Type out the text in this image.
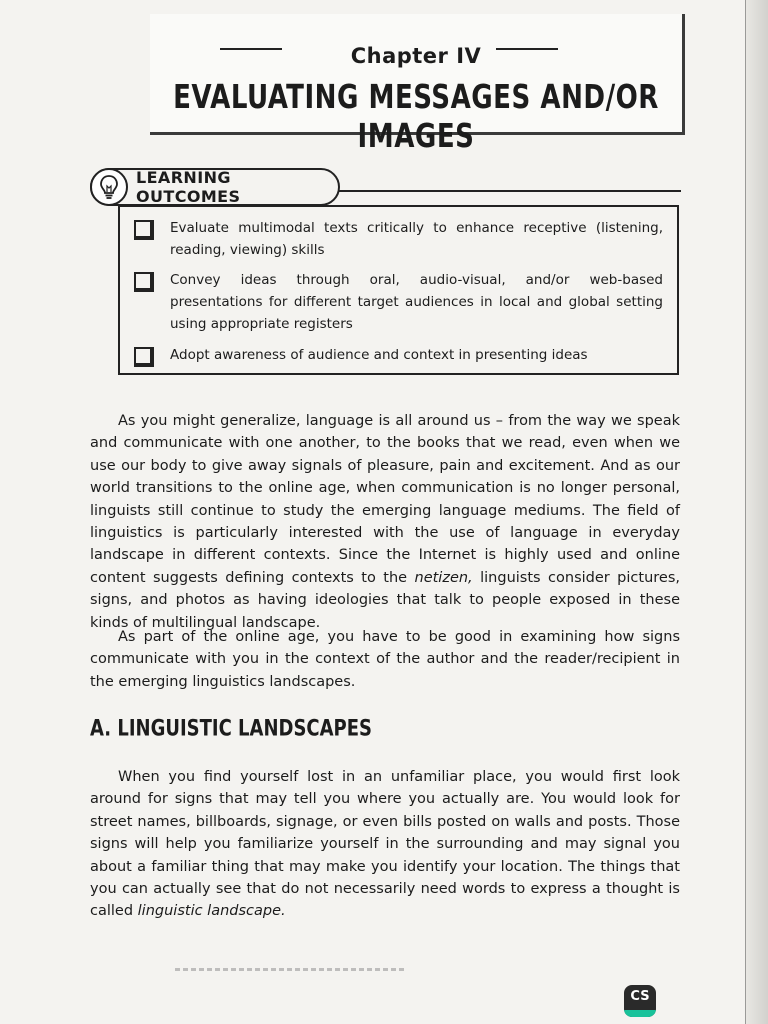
Chapter IV
EVALUATING MESSAGES AND/OR IMAGES
LEARNING OUTCOMES
Evaluate multimodal texts critically to enhance receptive (listening, reading, viewing) skills
Convey ideas through oral, audio-visual, and/or web-based presentations for different target audiences in local and global setting using appropriate registers
Adopt awareness of audience and context in presenting ideas
As you might generalize, language is all around us – from the way we speak and communicate with one another, to the books that we read, even when we use our body to give away signals of pleasure, pain and excitement. And as our world transitions to the online age, when communication is no longer personal, linguists still continue to study the emerging language mediums. The field of linguistics is particularly interested with the use of language in everyday landscape in different contexts. Since the Internet is highly used and online content suggests defining contexts to the netizen, linguists consider pictures, signs, and photos as having ideologies that talk to people exposed in these kinds of multilingual landscape.
As part of the online age, you have to be good in examining how signs communicate with you in the context of the author and the reader/recipient in the emerging linguistics landscapes.
A. LINGUISTIC LANDSCAPES
When you find yourself lost in an unfamiliar place, you would first look around for signs that may tell you where you actually are. You would look for street names, billboards, signage, or even bills posted on walls and posts. Those signs will help you familiarize yourself in the surrounding and may signal you about a familiar thing that may make you identify your location. The things that you can actually see that do not necessarily need words to express a thought is called linguistic landscape.
CS
